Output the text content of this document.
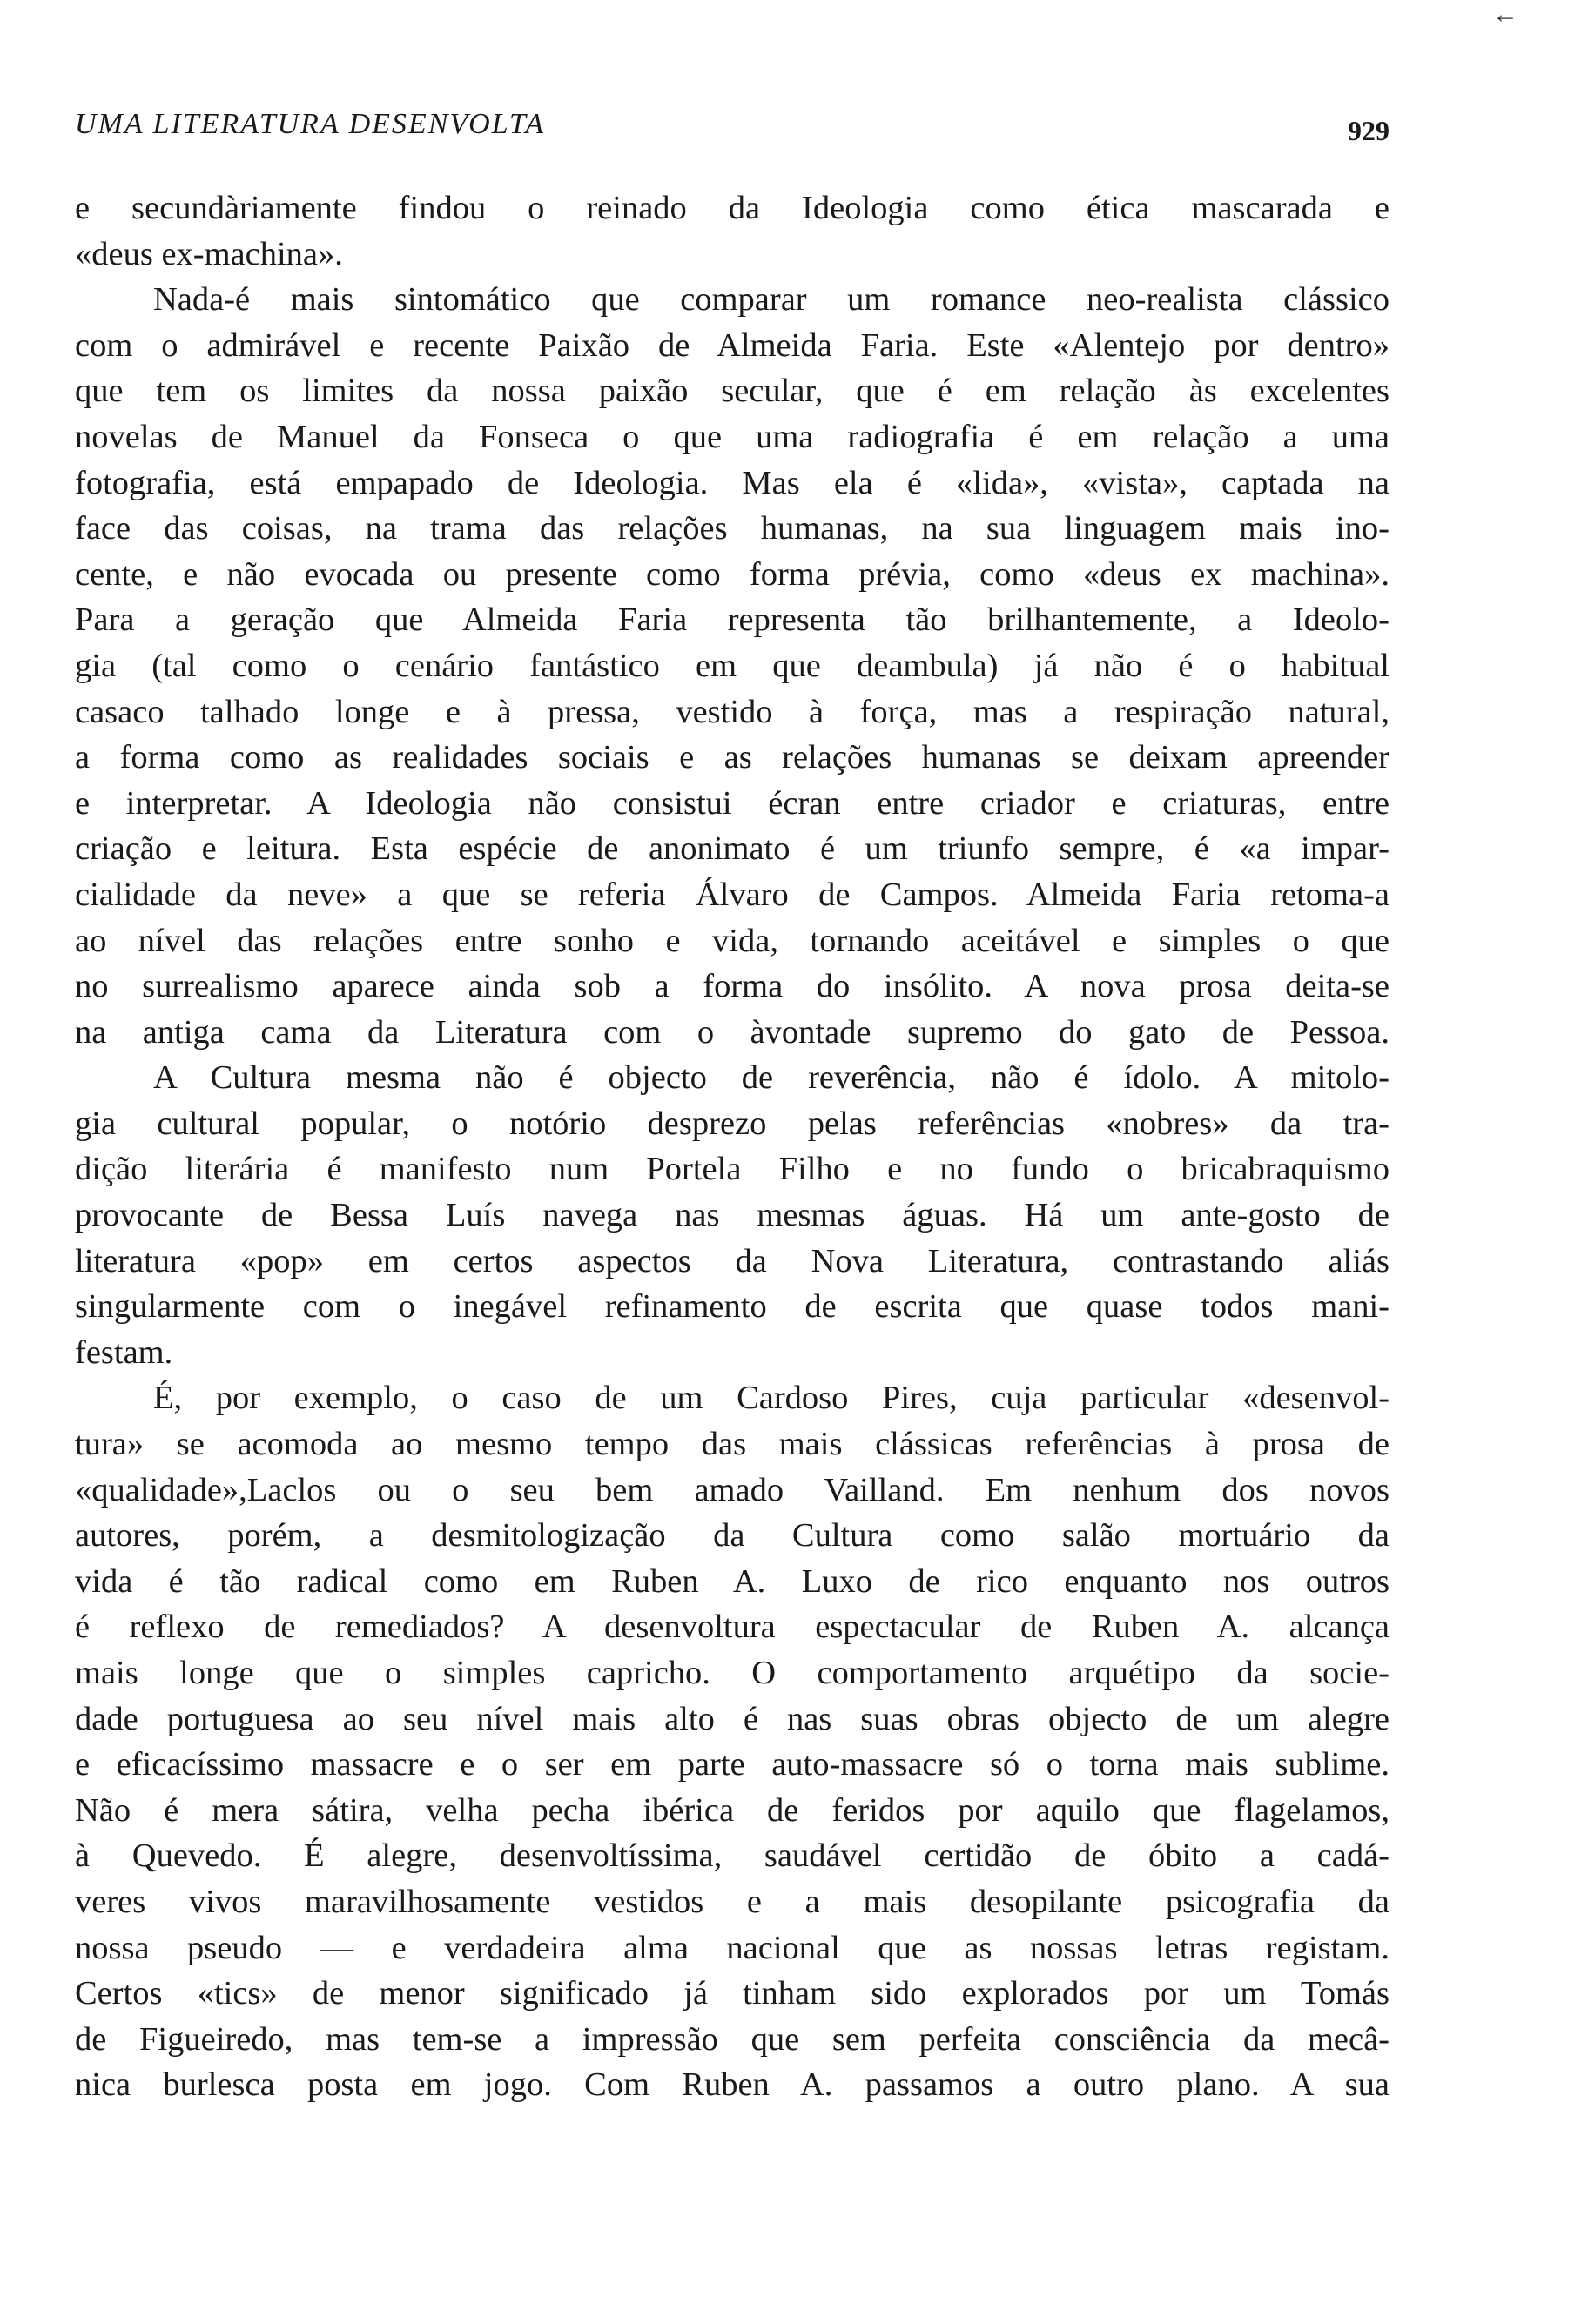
←
UMA LITERATURA DESENVOLTA	929
e secundàriamente findou o reinado da Ideologia como ética mascarada e
«deus ex-machina».
Nada-é mais sintomático que comparar um romance neo-realista clássico
com o admirável e recente Paixão de Almeida Faria. Este «Alentejo por dentro»
que tem os limites da nossa paixão secular, que é em relação às excelentes
novelas de Manuel da Fonseca o que uma radiografia é em relação a uma
fotografia, está empapado de Ideologia. Mas ela é «lida», «vista», captada na
face das coisas, na trama das relações humanas, na sua linguagem mais ino-
cente, e não evocada ou presente como forma prévia, como «deus ex machina».
Para a geração que Almeida Faria representa tão brilhantemente, a Ideolo-
gia (tal como o cenário fantástico em que deambula) já não é o habitual
casaco talhado longe e à pressa, vestido à força, mas a respiração natural,
a forma como as realidades sociais e as relações humanas se deixam apreender
e interpretar. A Ideologia não consistui écran entre criador e criaturas, entre
criação e leitura. Esta espécie de anonimato é um triunfo sempre, é «a impar-
cialidade da neve» a que se referia Álvaro de Campos. Almeida Faria retoma-a
ao nível das relações entre sonho e vida, tornando aceitável e simples o que
no surrealismo aparece ainda sob a forma do insólito. A nova prosa deita-se
na antiga cama da Literatura com o àvontade supremo do gato de Pessoa.
A Cultura mesma não é objecto de reverência, não é ídolo. A mitolo-
gia cultural popular, o notório desprezo pelas referências «nobres» da tra-
dição literária é manifesto num Portela Filho e no fundo o bricabraquismo
provocante de Bessa Luís navega nas mesmas águas. Há um ante-gosto de
literatura «pop» em certos aspectos da Nova Literatura, contrastando aliás
singularmente com o inegável refinamento de escrita que quase todos mani-
festam.
É, por exemplo, o caso de um Cardoso Pires, cuja particular «desenvol-
tura» se acomoda ao mesmo tempo das mais clássicas referências à prosa de
«qualidade»,Laclos ou o seu bem amado Vailland. Em nenhum dos novos
autores, porém, a desmitologização da Cultura como salão mortuário da
vida é tão radical como em Ruben A. Luxo de rico enquanto nos outros
é reflexo de remediados? A desenvoltura espectacular de Ruben A. alcança
mais longe que o simples capricho. O comportamento arquétipo da socie-
dade portuguesa ao seu nível mais alto é nas suas obras objecto de um alegre
e eficacíssimo massacre e o ser em parte auto-massacre só o torna mais sublime.
Não é mera sátira, velha pecha ibérica de feridos por aquilo que flagelamos,
à Quevedo. É alegre, desenvoltíssima, saudável certidão de óbito a cadá-
veres vivos maravilhosamente vestidos e a mais desopilante psicografia da
nossa pseudo — e verdadeira alma nacional que as nossas letras registam.
Certos «tics» de menor significado já tinham sido explorados por um Tomás
de Figueiredo, mas tem-se a impressão que sem perfeita consciência da mecâ-
nica burlesca posta em jogo. Com Ruben A. passamos a outro plano. A sua
